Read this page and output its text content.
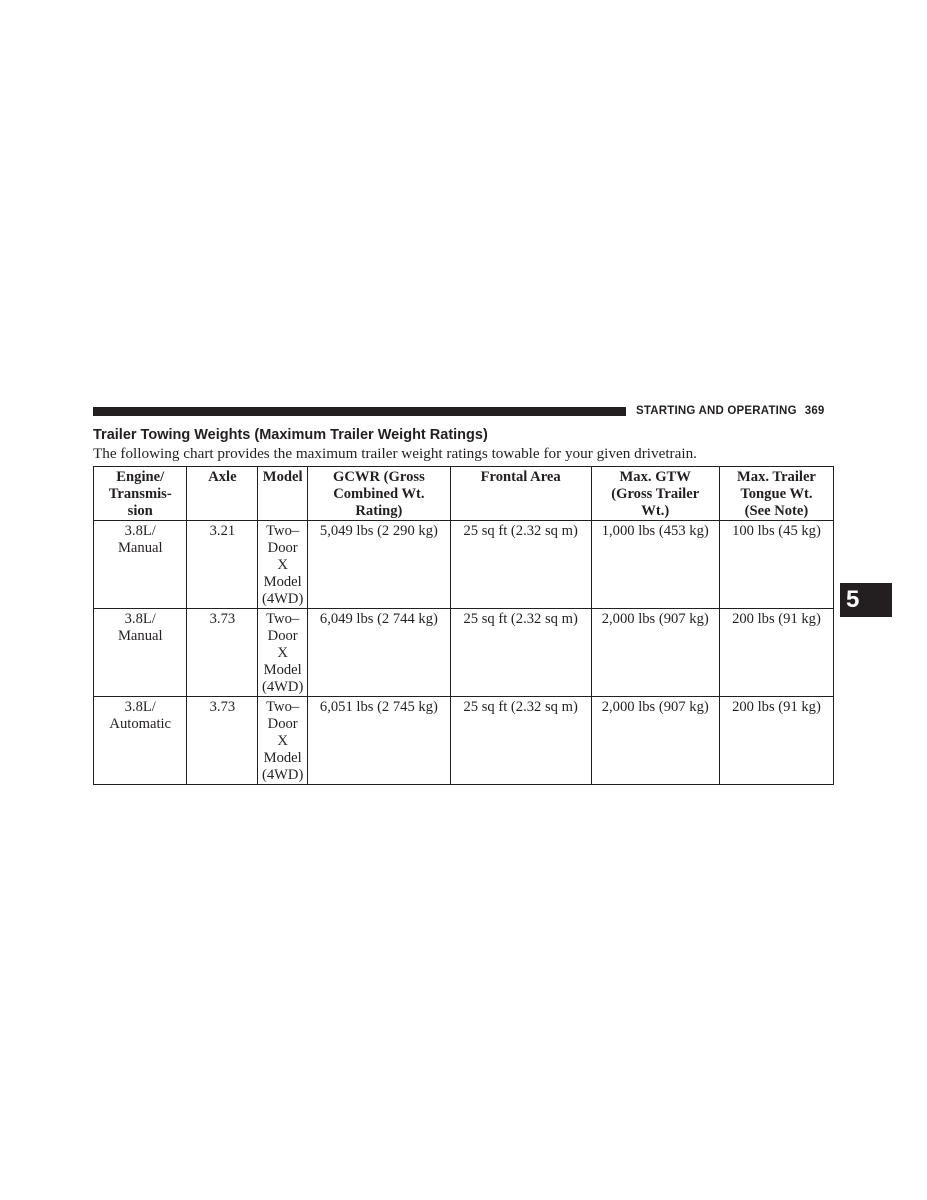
STARTING AND OPERATING 369
Trailer Towing Weights (Maximum Trailer Weight Ratings)
The following chart provides the maximum trailer weight ratings towable for your given drivetrain.
Engine/
Transmis-
sion	Axle	Model	GCWR (Gross
Combined Wt.
Rating)	Frontal Area	Max. GTW
(Gross Trailer
Wt.)	Max. Trailer
Tongue Wt.
(See Note)
3.8L/
Manual	3.21	Two–
Door X
Model
(4WD)	5,049 lbs (2 290 kg)	25 sq ft (2.32 sq m)	1,000 lbs (453 kg)	100 lbs (45 kg)
3.8L/
Manual	3.73	Two–
Door X
Model
(4WD)	6,049 lbs (2 744 kg)	25 sq ft (2.32 sq m)	2,000 lbs (907 kg)	200 lbs (91 kg)
3.8L/
Automatic	3.73	Two–
Door X
Model
(4WD)	6,051 lbs (2 745 kg)	25 sq ft (2.32 sq m)	2,000 lbs (907 kg)	200 lbs (91 kg)
5
